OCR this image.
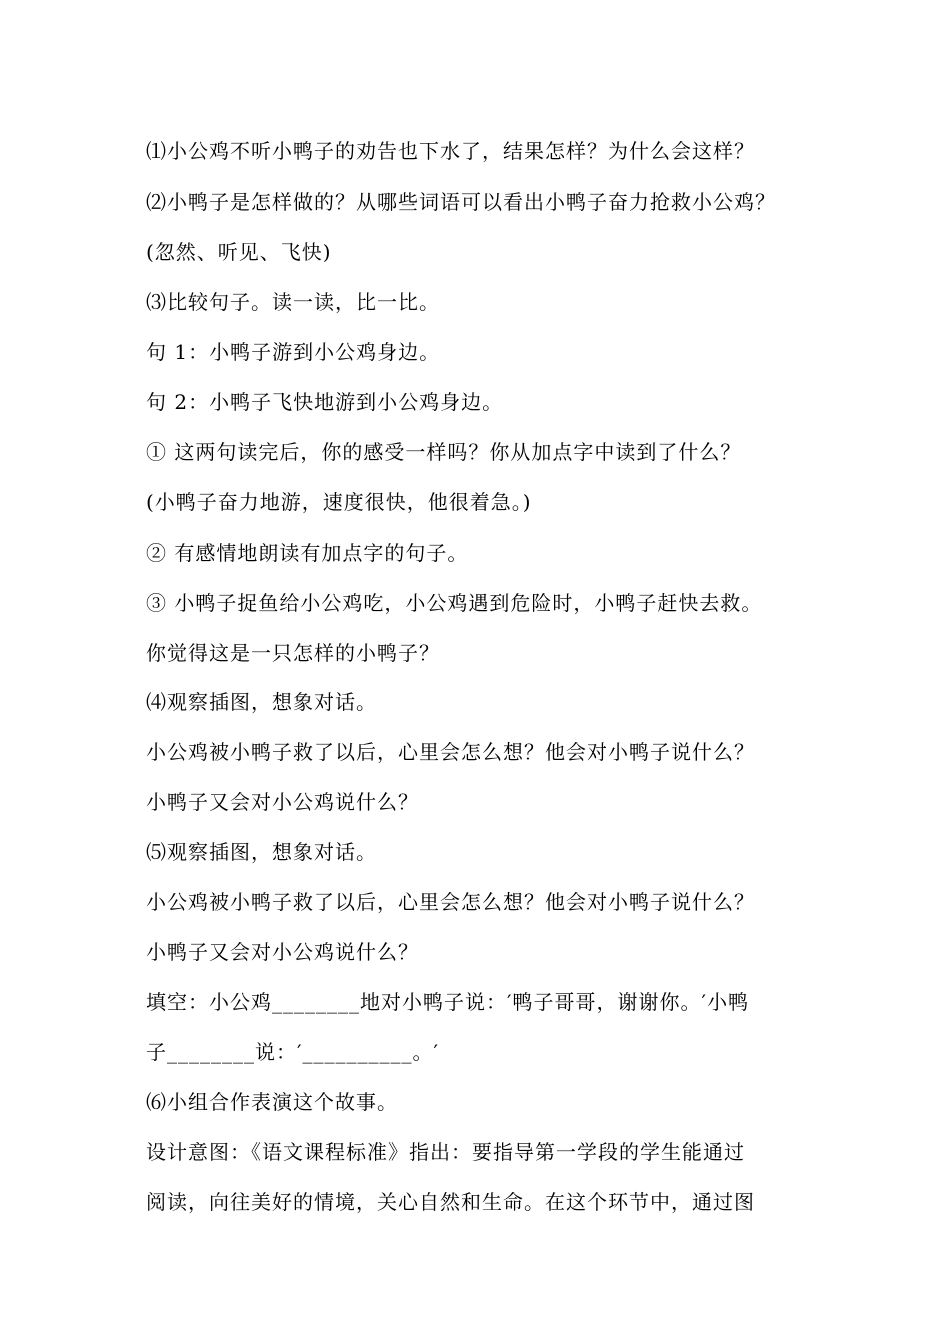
⑴小公鸡不听小鸭子的劝告也下水了，结果怎样？为什么会这样？
⑵小鸭子是怎样做的？从哪些词语可以看出小鸭子奋力抢救小公鸡？
(忽然、听见、飞快)
⑶比较句子。读一读，比一比。
句 1：小鸭子游到小公鸡身边。
句 2：小鸭子飞快地游到小公鸡身边。
① 这两句读完后，你的感受一样吗？你从加点字中读到了什么？
(小鸭子奋力地游，速度很快，他很着急。)
② 有感情地朗读有加点字的句子。
③ 小鸭子捉鱼给小公鸡吃，小公鸡遇到危险时，小鸭子赶快去救。
你觉得这是一只怎样的小鸭子？
⑷观察插图，想象对话。
小公鸡被小鸭子救了以后，心里会怎么想？他会对小鸭子说什么？
小鸭子又会对小公鸡说什么？
⑸观察插图，想象对话。
小公鸡被小鸭子救了以后，心里会怎么想？他会对小鸭子说什么？
小鸭子又会对小公鸡说什么？
填空：小公鸡________地对小鸭子说：′鸭子哥哥，谢谢你。′小鸭
子________说：′__________。′
⑹小组合作表演这个故事。
设计意图：《语文课程标准》指出：要指导第一学段的学生能通过
阅读，向往美好的情境，关心自然和生命。在这个环节中，通过图
